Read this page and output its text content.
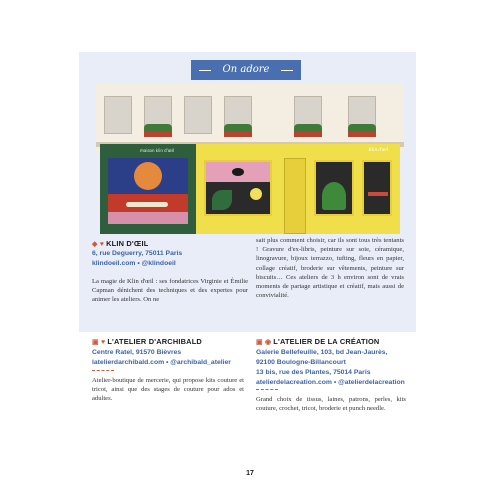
On adore
maison klin d'œil	Klin d'œil
◆ ♥ KLIN D'ŒIL
6, rue Deguerry, 75011 Paris
klindoeil.com • @klindoeil
La magie de Klin d'œil : ses fondatrices Virginie et Émilie Capman dénichent des techniques et des expertes pour animer les ateliers. On ne
sait plus comment choisir, car ils sont tous très tentants ! Gravure d'ex-libris, peinture sur soie, céramique, linogravure, bijoux terrazzo, tufting, fleurs en papier, collage créatif, broderie sur vêtements, peinture sur biscuits… Ces ateliers de 3 h environ sont de vrais moments de partage artistique et créatif, mais aussi de convivialité.
▣ ♥ L'ATELIER D'ARCHIBALD
Centre Ratel, 91570 Bièvres
latelierdarchibald.com • @archibald_atelier
Atelier-boutique de mercerie, qui propose kits couture et tricot, ainsi que des stages de couture pour ados et adultes.
▣ ◉ L'ATELIER DE LA CRÉATION
Galerie Bellefeuille, 103, bd Jean-Jaurès,
92100 Boulogne-Billancourt
13 bis, rue des Plantes, 75014 Paris
atelierdelacreation.com • @atelierdelacreation
Grand choix de tissus, laines, patrons, perles, kits couture, crochet, tricot, broderie et punch needle.
17
